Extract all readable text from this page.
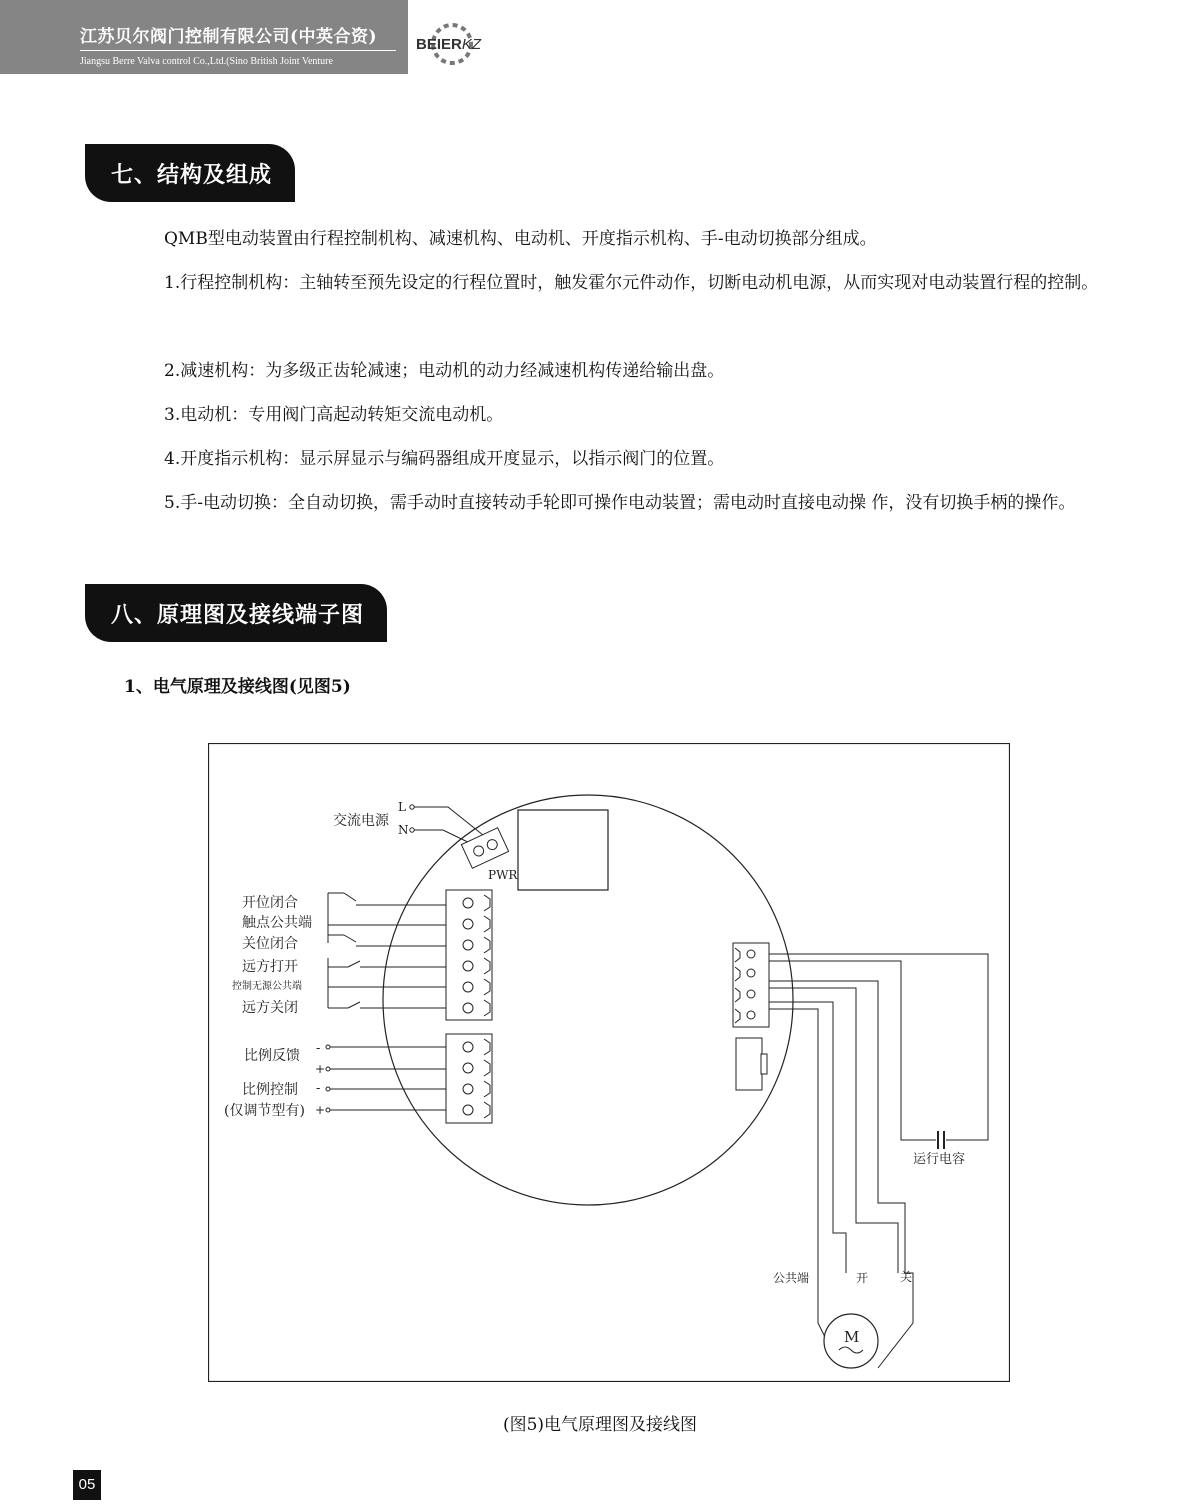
江苏贝尔阀门控制有限公司(中英合资)
Jiangsu Berre Valva control Co.,Ltd.(Sino British Joint Venture
BEIERKZ
七、结构及组成

QMB型电动装置由行程控制机构、减速机构、电动机、开度指示机构、手-电动切换部分组成。

1.行程控制机构：主轴转至预先设定的行程位置时，触发霍尔元件动作，切断电动机电源，从而实现对电动装置行程的控制。

2.减速机构：为多级正齿轮减速；电动机的动力经减速机构传递给输出盘。

3.电动机：专用阀门高起动转矩交流电动机。

4.开度指示机构：显示屏显示与编码器组成开度显示，以指示阀门的位置。

5.手-电动切换：全自动切换，需手动时直接转动手轮即可操作电动装置；需电动时直接电动操 作，没有切换手柄的操作。

八、原理图及接线端子图
1、电气原理及接线图(见图5)
交流电源
L
N
PWR
开位闭合
触点公共端
关位闭合
远方打开
控制无源公共端
远方关闭
比例反馈
比例控制
(仅调节型有)
-
+
-
+
运行电容
公共端	开	关
M
(图5)电气原理图及接线图
05
